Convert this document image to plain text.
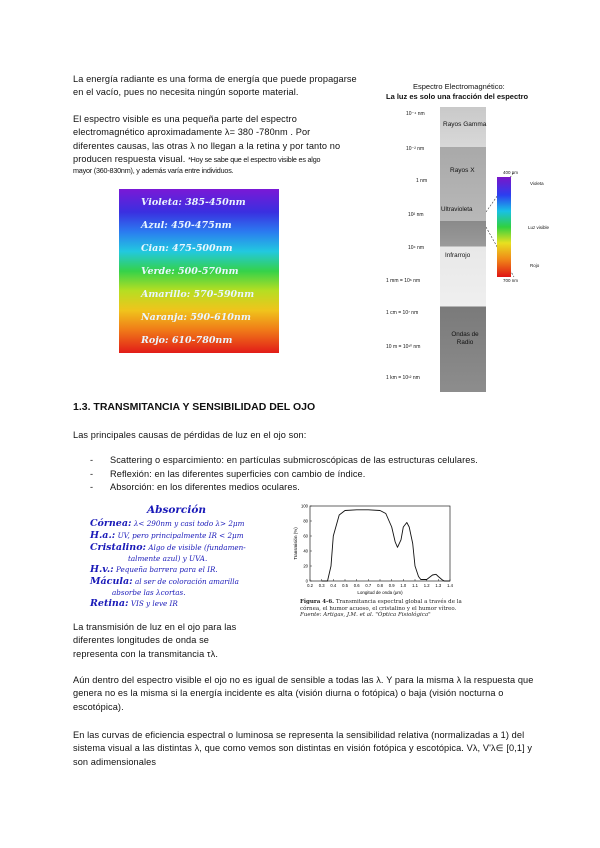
La energía radiante es una forma de energía que puede propagarse en el vacío, pues no necesita ningún soporte material.
El espectro visible es una pequeña parte del espectro
electromagnético aproximadamente λ= 380 -780nm . Por
diferentes causas, las otras λ no llegan a la retina y por tanto no
producen respuesta visual. *Hoy se sabe que el espectro visible es algo
mayor (360-830nm), y además varía entre individuos.
Violeta: 385-450nm
Azul: 450-475nm
Cian: 475-500nm
Verde: 500-570nm
Amarillo: 570-590nm
Naranja: 590-610nm
Rojo: 610-780nm
Espectro Electromagnético:
La luz es solo una fracción del espectro
Rayos Gamma
Rayos X
Ultravioleta
Infrarrojo
Ondas de Radio
10⁻⁴ nm
10⁻² nm
1 nm
10² nm
10⁴ nm
1 mm = 10⁶ nm
1 cm = 10⁷ nm
10 m = 10¹⁰ nm
1 km = 10¹² nm
400 nm
700 nm
Violeta
Luz visible
Rojo
1.3. TRANSMITANCIA Y SENSIBILIDAD DEL OJO
Las principales causas de pérdidas de luz en el ojo son:
- Scattering o esparcimiento: en partículas submicroscópicas de las estructuras celulares.
- Reflexión: en las diferentes superficies con cambio de índice.
- Absorción: en los diferentes medios oculares.
Absorción
Córnea: λ< 290nm y casi todo λ> 2μm
H.a.: UV, pero principalmente IR < 2μm
Cristalino: Algo de visible (fundamen-
talmente azul) y UVA.
H.v.: Pequeña barrera para el IR.
Mácula: al ser de coloración amarilla
absorbe las λcortas.
Retina: VIS y leve IR
0.2 0.3 0.4 0.5 0.6 0.7 0.8 0.9 1.0 1.1 1.2 1.3 1.4
0
20
40
60
80
100
Longitud de onda (μm)
Transmisión (%)
Figura 4-6. Transmitancia espectral global a través de la córnea, el humor acuoso, el cristalino y el humor vítreo.
Fuente: Artigas, J.M. et al. "Óptica Fisiológica"
La transmisión de luz en el ojo para las
diferentes longitudes de onda se
representa con la transmitancia τλ.
Aún dentro del espectro visible el ojo no es igual de sensible a todas las λ. Y para la misma λ la respuesta que genera no es la misma si la energía incidente es alta (visión diurna o fotópica) o baja (visión nocturna o escotópica).
En las curvas de eficiencia espectral o luminosa se representa la sensibilidad relativa (normalizadas a 1) del sistema visual a las distintas λ, que como vemos son distintas en visión fotópica y escotópica. Vλ, V'λ∈ [0,1] y son adimensionales
